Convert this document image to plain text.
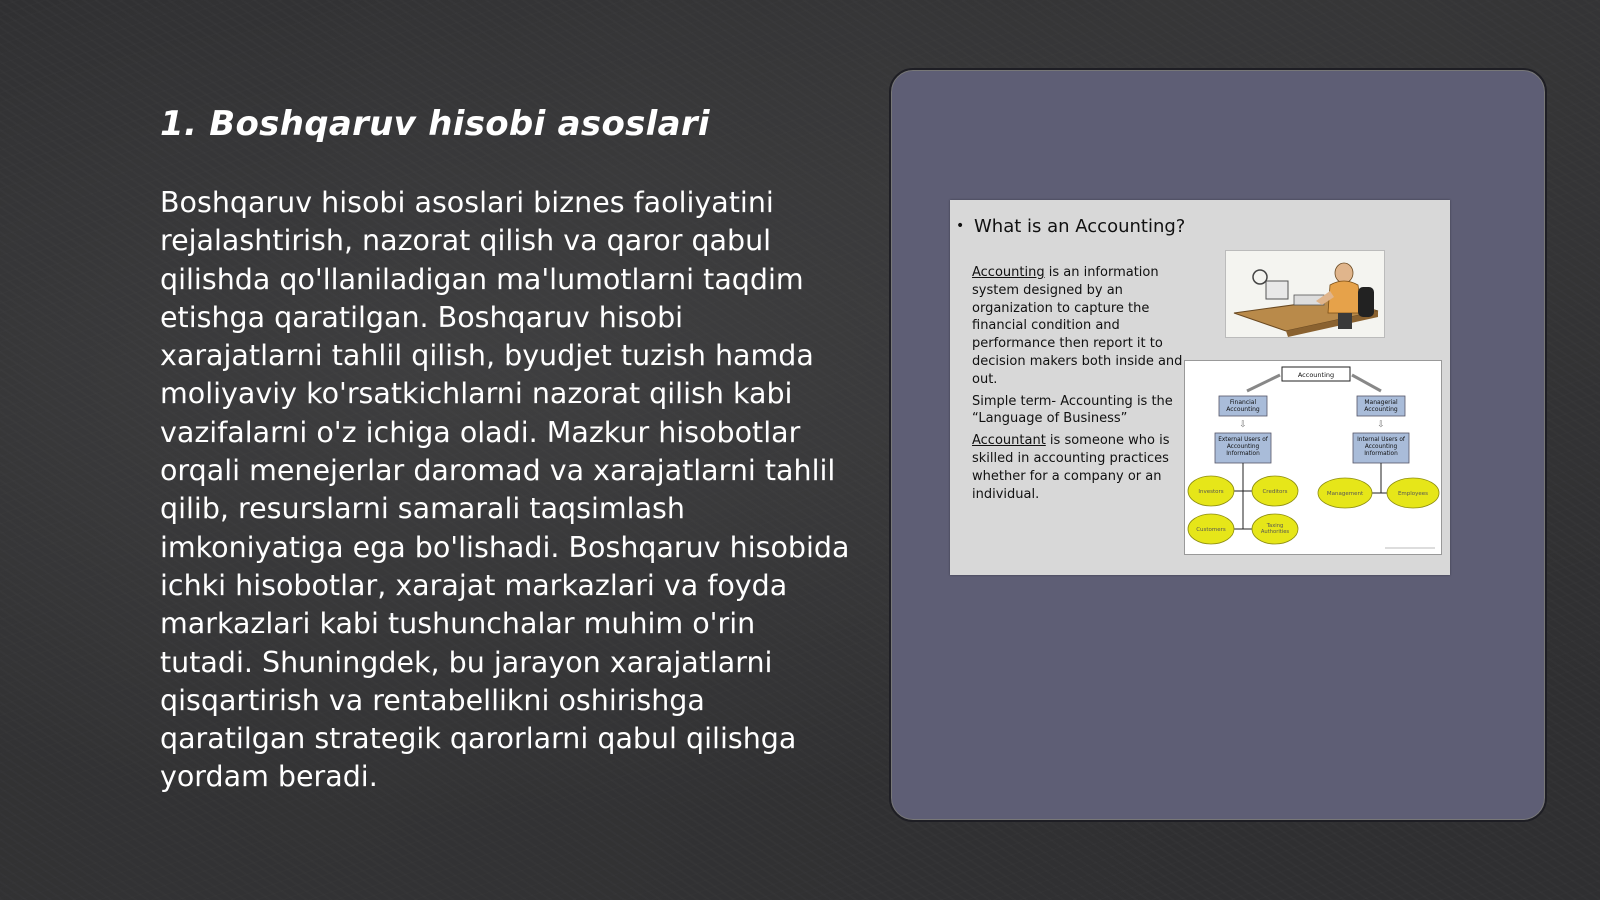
1. Boshqaruv hisobi asoslari

Boshqaruv hisobi asoslari biznes faoliyatini rejalashtirish, nazorat qilish va qaror qabul qilishda qo'llaniladigan ma'lumotlarni taqdim etishga qaratilgan. Boshqaruv hisobi xarajatlarni tahlil qilish, byudjet tuzish hamda moliyaviy ko'rsatkichlarni nazorat qilish kabi vazifalarni o'z ichiga oladi. Mazkur hisobotlar orqali menejerlar daromad va xarajatlarni tahlil qilib, resurslarni samarali taqsimlash imkoniyatiga ega bo'lishadi. Boshqaruv hisobida ichki hisobotlar, xarajat markazlari va foyda markazlari kabi tushunchalar muhim o'rin tutadi. Shuningdek, bu jarayon xarajatlarni qisqartirish va rentabellikni oshirishga qaratilgan strategik qarorlarni qabul qilishga yordam beradi.

• What is an Accounting?

Accounting is an information system designed by an organization to capture the financial condition and performance then report it to decision makers both inside and out.

Simple term- Accounting is the “Language of Business”

Accountant is someone who is skilled in accounting practices whether for a company or an individual.

Accounting
Financial Accounting
Managerial Accounting
⇩	⇩
External Users of Accounting Information
Internal Users of Accounting Information
Investors	Creditors
Customers
Taxing Authorities
Management	Employees
